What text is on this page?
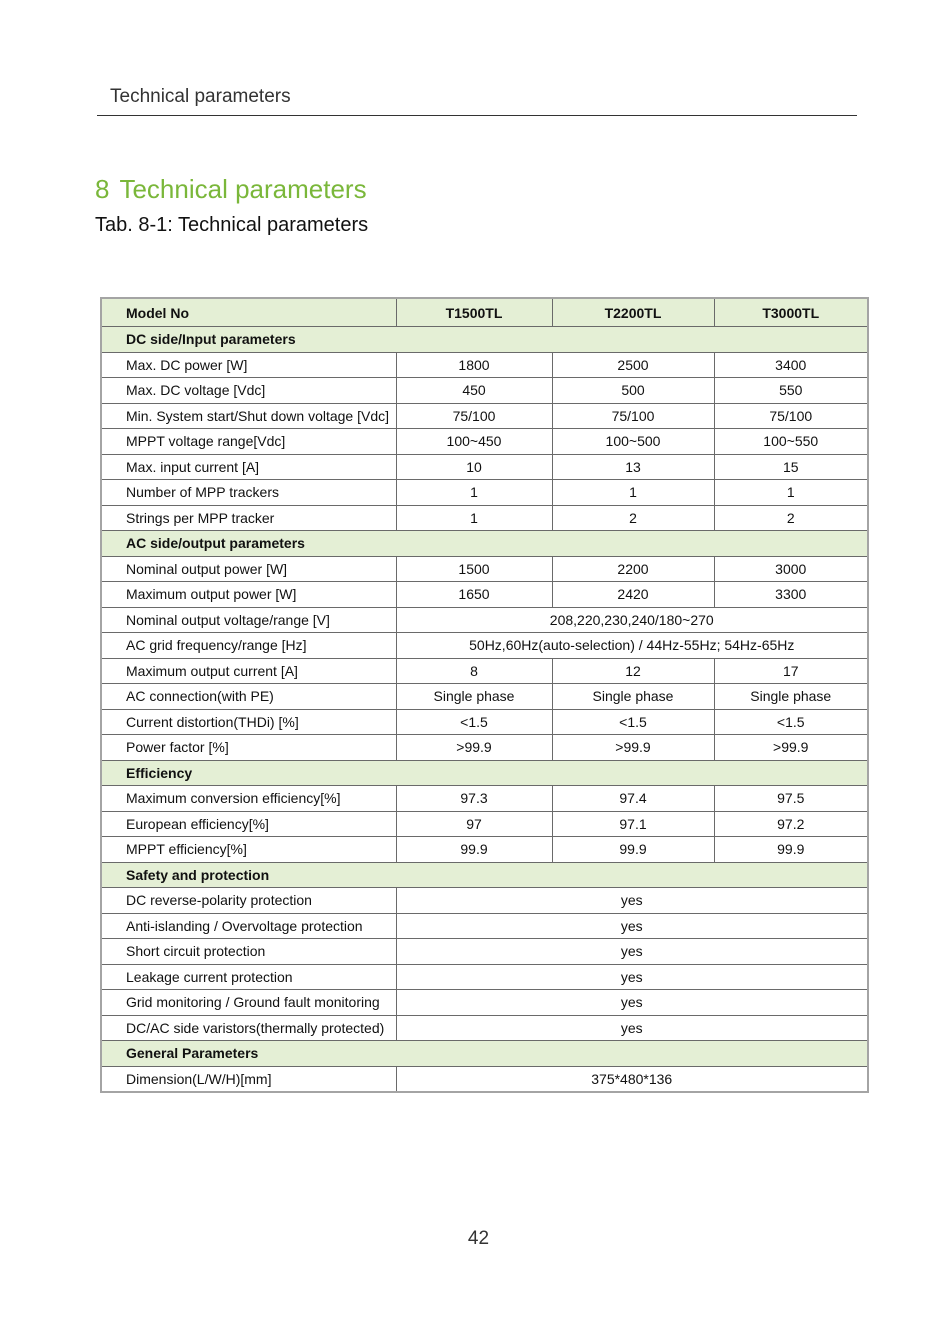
Technical parameters
8 Technical parameters
Tab. 8-1: Technical parameters
Model No	T1500TL	T2200TL	T3000TL
DC side/Input parameters			
Max. DC power [W]	1800	2500	3400
Max. DC voltage [Vdc]	450	500	550
Min. System start/Shut down voltage [Vdc]	75/100	75/100	75/100
MPPT voltage range[Vdc]	100~450	100~500	100~550
Max. input current [A]	10	13	15
Number of MPP trackers	1	1	1
Strings per MPP tracker	1	2	2
AC side/output parameters			
Nominal output power [W]	1500	2200	3000
Maximum output power [W]	1650	2420	3300
Nominal output voltage/range [V]	208,220,230,240/180~270		
AC grid frequency/range [Hz]	50Hz,60Hz(auto-selection) / 44Hz-55Hz; 54Hz-65Hz		
Maximum output current [A]	8	12	17
AC connection(with PE)	Single phase	Single phase	Single phase
Current distortion(THDi) [%]	<1.5	<1.5	<1.5
Power factor [%]	>99.9	>99.9	>99.9
Efficiency			
Maximum conversion efficiency[%]	97.3	97.4	97.5
European efficiency[%]	97	97.1	97.2
MPPT efficiency[%]	99.9	99.9	99.9
Safety and protection			
DC reverse-polarity protection	yes		
Anti-islanding / Overvoltage protection	yes		
Short circuit protection	yes		
Leakage current protection	yes		
Grid monitoring / Ground fault monitoring	yes		
DC/AC side varistors(thermally protected)	yes		
General Parameters			
Dimension(L/W/H)[mm]	375*480*136		
42
